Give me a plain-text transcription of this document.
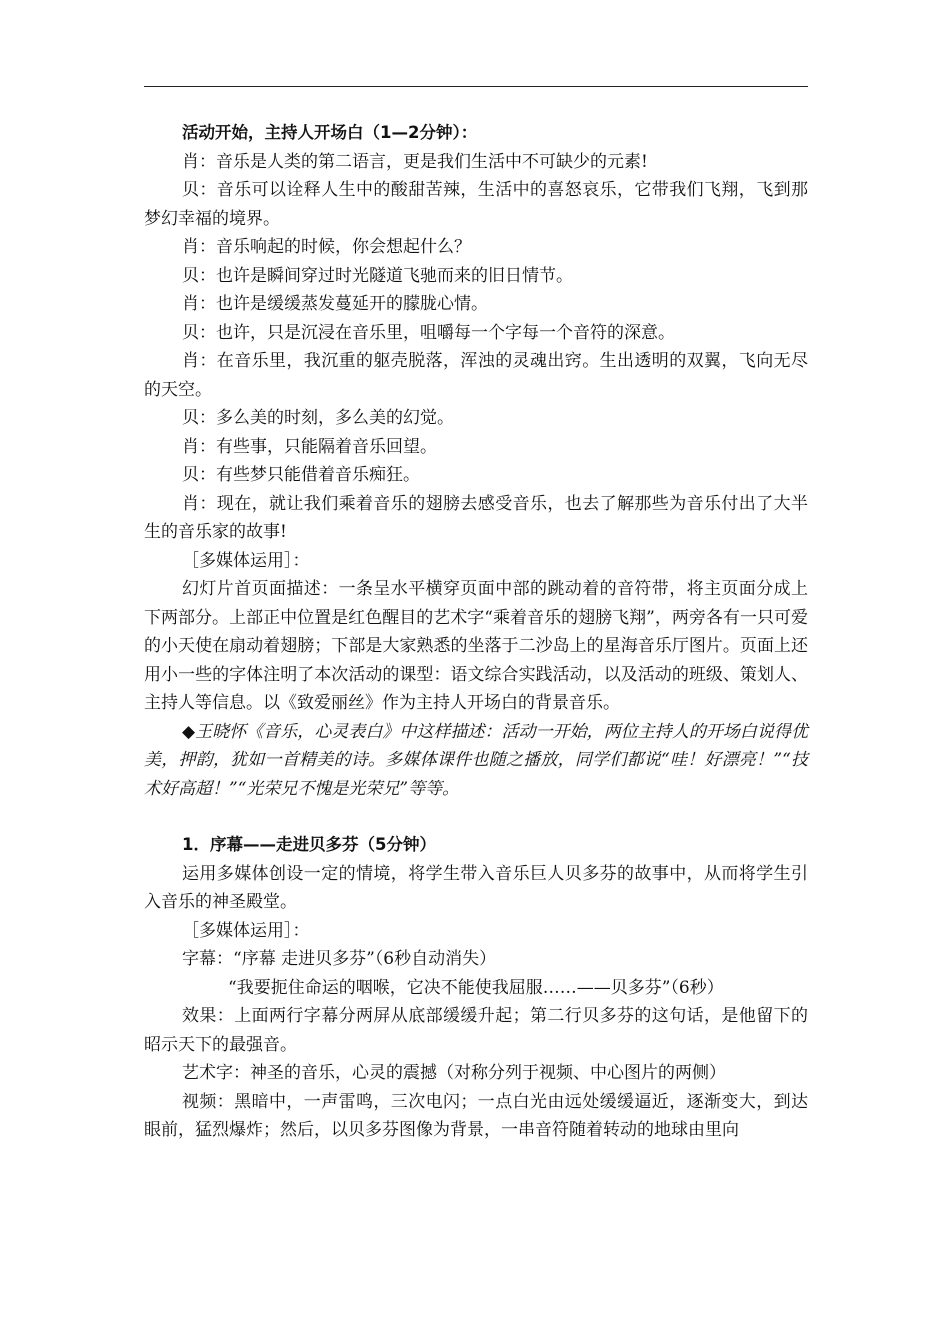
活动开始，主持人开场白（1—2分钟）：

肖：音乐是人类的第二语言，更是我们生活中不可缺少的元素!

贝：音乐可以诠释人生中的酸甜苦辣，生活中的喜怒哀乐，它带我们飞翔，飞到那梦幻幸福的境界。

肖：音乐响起的时候，你会想起什么？

贝：也许是瞬间穿过时光隧道飞驰而来的旧日情节。

肖：也许是缓缓蒸发蔓延开的朦胧心情。

贝：也许，只是沉浸在音乐里，咀嚼每一个字每一个音符的深意。

肖：在音乐里，我沉重的躯壳脱落，浑浊的灵魂出窍。生出透明的双翼，飞向无尽的天空。

贝：多么美的时刻，多么美的幻觉。

肖：有些事，只能隔着音乐回望。

贝：有些梦只能借着音乐痴狂。

肖：现在，就让我们乘着音乐的翅膀去感受音乐，也去了解那些为音乐付出了大半生的音乐家的故事!

［多媒体运用］：

幻灯片首页面描述：一条呈水平横穿页面中部的跳动着的音符带，将主页面分成上下两部分。上部正中位置是红色醒目的艺术字“乘着音乐的翅膀飞翔”，两旁各有一只可爱的小天使在扇动着翅膀；下部是大家熟悉的坐落于二沙岛上的星海音乐厅图片。页面上还用小一些的字体注明了本次活动的课型：语文综合实践活动，以及活动的班级、策划人、主持人等信息。以《致爱丽丝》作为主持人开场白的背景音乐。

◆王晓怀《音乐，心灵表白》中这样描述：活动一开始，两位主持人的开场白说得优美，押韵，犹如一首精美的诗。多媒体课件也随之播放，同学们都说“哇！好漂亮！”“技术好高超！”“光荣兄不愧是光荣兄”等等。

1．序幕——走进贝多芬（5分钟）

运用多媒体创设一定的情境，将学生带入音乐巨人贝多芬的故事中，从而将学生引入音乐的神圣殿堂。

［多媒体运用］：

字幕：“序幕 走进贝多芬”（6秒自动消失）

“我要扼住命运的咽喉，它决不能使我屈服……——贝多芬”（6秒）

效果：上面两行字幕分两屏从底部缓缓升起；第二行贝多芬的这句话，是他留下的昭示天下的最强音。

艺术字：神圣的音乐，心灵的震撼（对称分列于视频、中心图片的两侧）

视频：黑暗中，一声雷鸣，三次电闪；一点白光由远处缓缓逼近，逐渐变大，到达眼前，猛烈爆炸；然后，以贝多芬图像为背景，一串音符随着转动的地球由里向
